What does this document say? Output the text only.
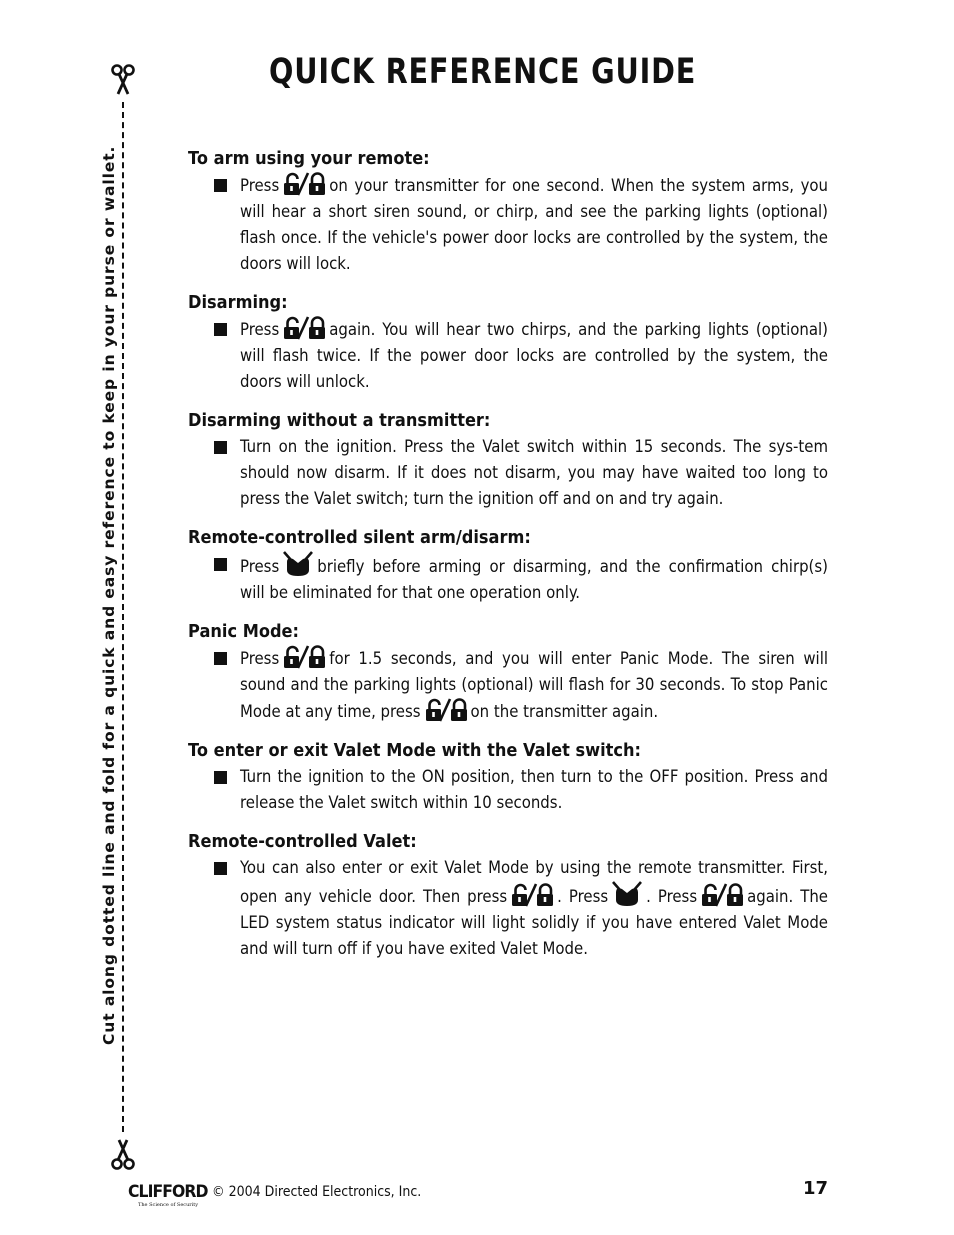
QUICK REFERENCE GUIDE
Cut along dotted line and fold for a quick and easy reference to keep in your purse or wallet.	To arm using your remote:
Press	on your transmitter for one second. When the system arms, you will hear a short siren sound, or chirp, and see the parking lights (optional) flash once. If the vehicle's power door locks are controlled by the system, the doors will lock.
Disarming:
Press	again. You will hear two chirps, and the parking lights (optional) will flash twice. If the power door locks are controlled by the system, the doors will unlock.
Disarming without a transmitter:
Turn on the ignition. Press the Valet switch within 15 seconds. The sys-tem should now disarm. If it does not disarm, you may have waited too long to press the Valet switch; turn the ignition off and on and try again.
Remote-controlled silent arm/disarm:
Press briefly before arming or disarming, and the confirmation chirp(s) will be eliminated for that one operation only.
Panic Mode:
Press	for 1.5 seconds, and you will enter Panic Mode. The siren will sound and the parking lights (optional) will flash for 30 seconds. To stop Panic Mode at any time, press	on the transmitter again.
To enter or exit Valet Mode with the Valet switch:
Turn the ignition to the ON position, then turn to the OFF position. Press and release the Valet switch within 10 seconds.
Remote-controlled Valet:
You can also enter or exit Valet Mode by using the remote transmitter. First, open any vehicle door. Then press	. Press . Press	again. The LED system status indicator will light solidly if you have entered Valet Mode and will turn off if you have exited Valet Mode.
CLIFFORD
The Science of Security
© 2004 Directed Electronics, Inc.	17
